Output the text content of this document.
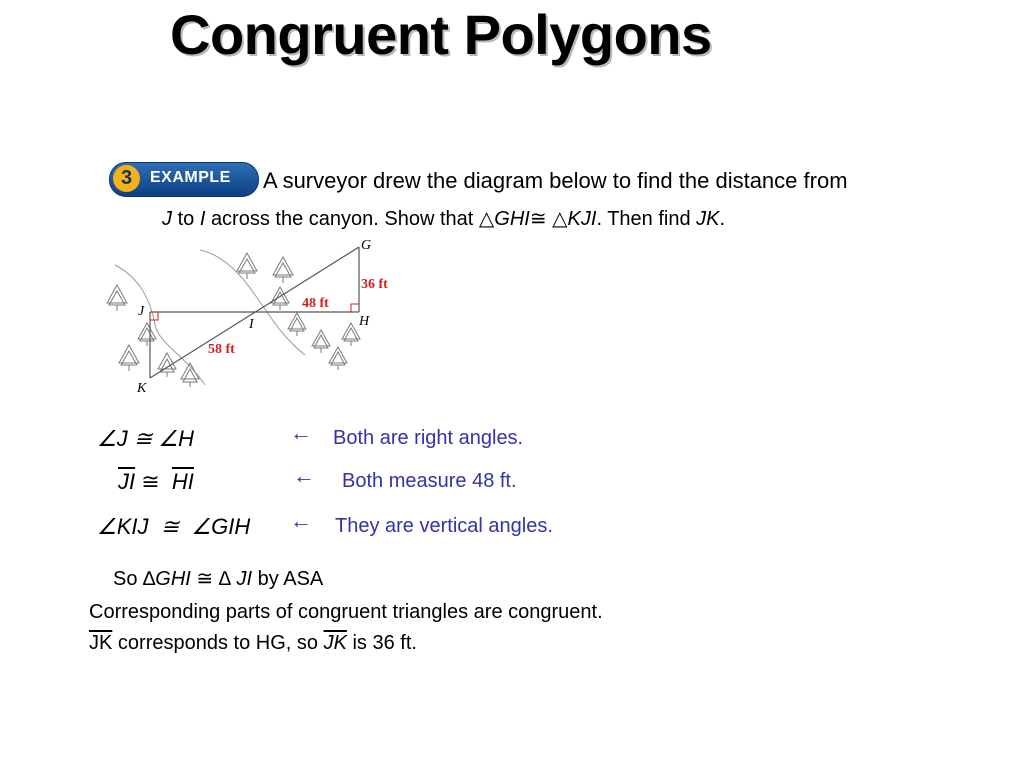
Congruent Polygons
3	EXAMPLE A surveyor drew the diagram below to find the distance from
J to I across the canyon. Show that △GHI≅ △KJI. Then find JK.
G
H
I
J
K
36 ft
48 ft
58 ft
∠J ≅ ∠H	← Both are right angles.
$\overline{JI}$ ≅ $\overline{HI}$	← Both measure 48 ft.
∠KIJ  ≅  ∠GIH ← They are vertical angles.
So ∆GHI ≅ ∆ JI by ASA
Corresponding parts of congruent triangles are congruent.
$\overline{JK}$ corresponds to HG, so $\overline{JK}$ is 36 ft.
